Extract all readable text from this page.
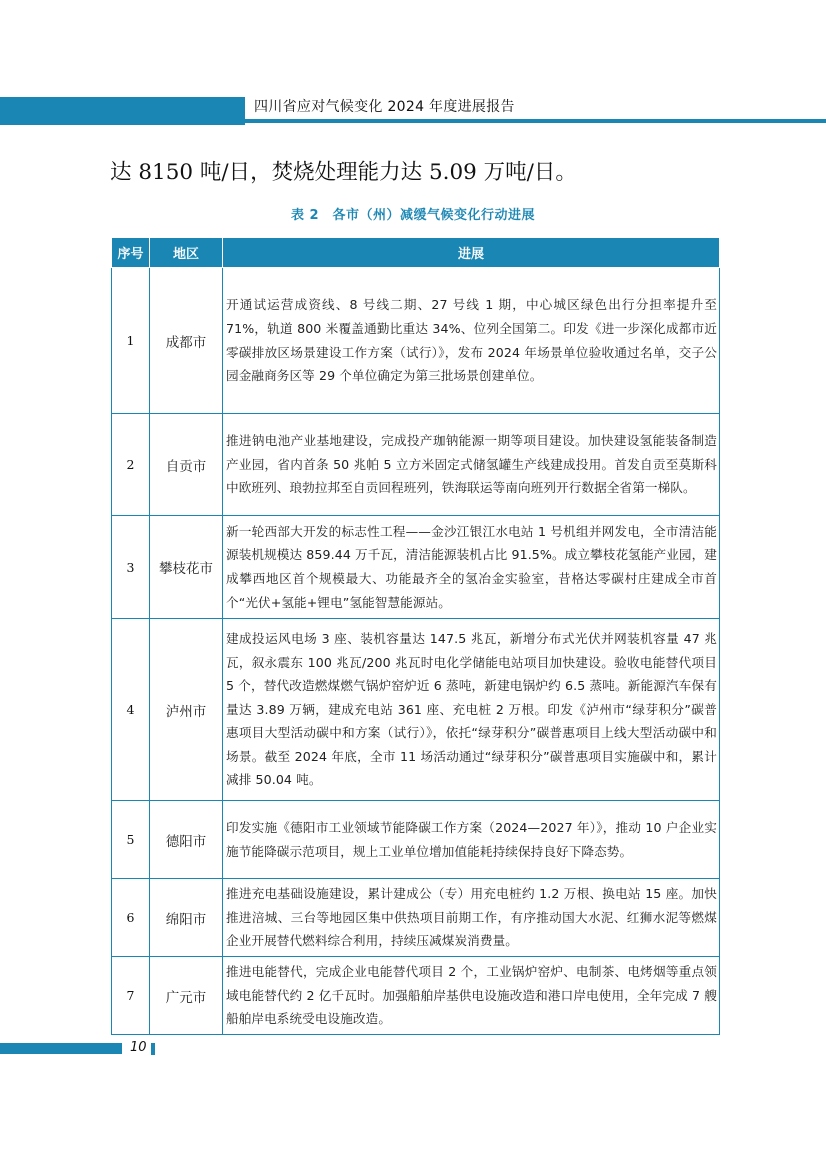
四川省应对气候变化 2024 年度进展报告
达 8150 吨/日，焚烧处理能力达 5.09 万吨/日。
表 2　各市（州）减缓气候变化行动进展
序号	地区	进展
1	成都市	开通试运营成资线、8 号线二期、27 号线 1 期，中心城区绿色出行分担率提升至 71%，轨道 800 米覆盖通勤比重达 34%、位列全国第二。印发《进一步深化成都市近零碳排放区场景建设工作方案（试行）》，发布 2024 年场景单位验收通过名单，交子公园金融商务区等 29 个单位确定为第三批场景创建单位。
2	自贡市	推进钠电池产业基地建设，完成投产珈钠能源一期等项目建设。加快建设氢能装备制造产业园，省内首条 50 兆帕 5 立方米固定式储氢罐生产线建成投用。首发自贡至莫斯科中欧班列、琅勃拉邦至自贡回程班列，铁海联运等南向班列开行数据全省第一梯队。
3	攀枝花市	新一轮西部大开发的标志性工程——金沙江银江水电站 1 号机组并网发电，全市清洁能源装机规模达 859.44 万千瓦，清洁能源装机占比 91.5%。成立攀枝花氢能产业园，建成攀西地区首个规模最大、功能最齐全的氢冶金实验室，昔格达零碳村庄建成全市首个“光伏+氢能+锂电”氢能智慧能源站。
4	泸州市	建成投运风电场 3 座、装机容量达 147.5 兆瓦，新增分布式光伏并网装机容量 47 兆瓦，叙永震东 100 兆瓦/200 兆瓦时电化学储能电站项目加快建设。验收电能替代项目 5 个，替代改造燃煤燃气锅炉窑炉近 6 蒸吨，新建电锅炉约 6.5 蒸吨。新能源汽车保有量达 3.89 万辆，建成充电站 361 座、充电桩 2 万根。印发《泸州市“绿芽积分”碳普惠项目大型活动碳中和方案（试行）》，依托“绿芽积分”碳普惠项目上线大型活动碳中和场景。截至 2024 年底，全市 11 场活动通过“绿芽积分”碳普惠项目实施碳中和，累计减排 50.04 吨。
5	德阳市	印发实施《德阳市工业领域节能降碳工作方案（2024—2027 年）》，推动 10 户企业实施节能降碳示范项目，规上工业单位增加值能耗持续保持良好下降态势。
6	绵阳市	推进充电基础设施建设，累计建成公（专）用充电桩约 1.2 万根、换电站 15 座。加快推进涪城、三台等地园区集中供热项目前期工作，有序推动国大水泥、红狮水泥等燃煤企业开展替代燃料综合利用，持续压减煤炭消费量。
7	广元市	推进电能替代，完成企业电能替代项目 2 个，工业锅炉窑炉、电制茶、电烤烟等重点领域电能替代约 2 亿千瓦时。加强船舶岸基供电设施改造和港口岸电使用，全年完成 7 艘船舶岸电系统受电设施改造。
10
